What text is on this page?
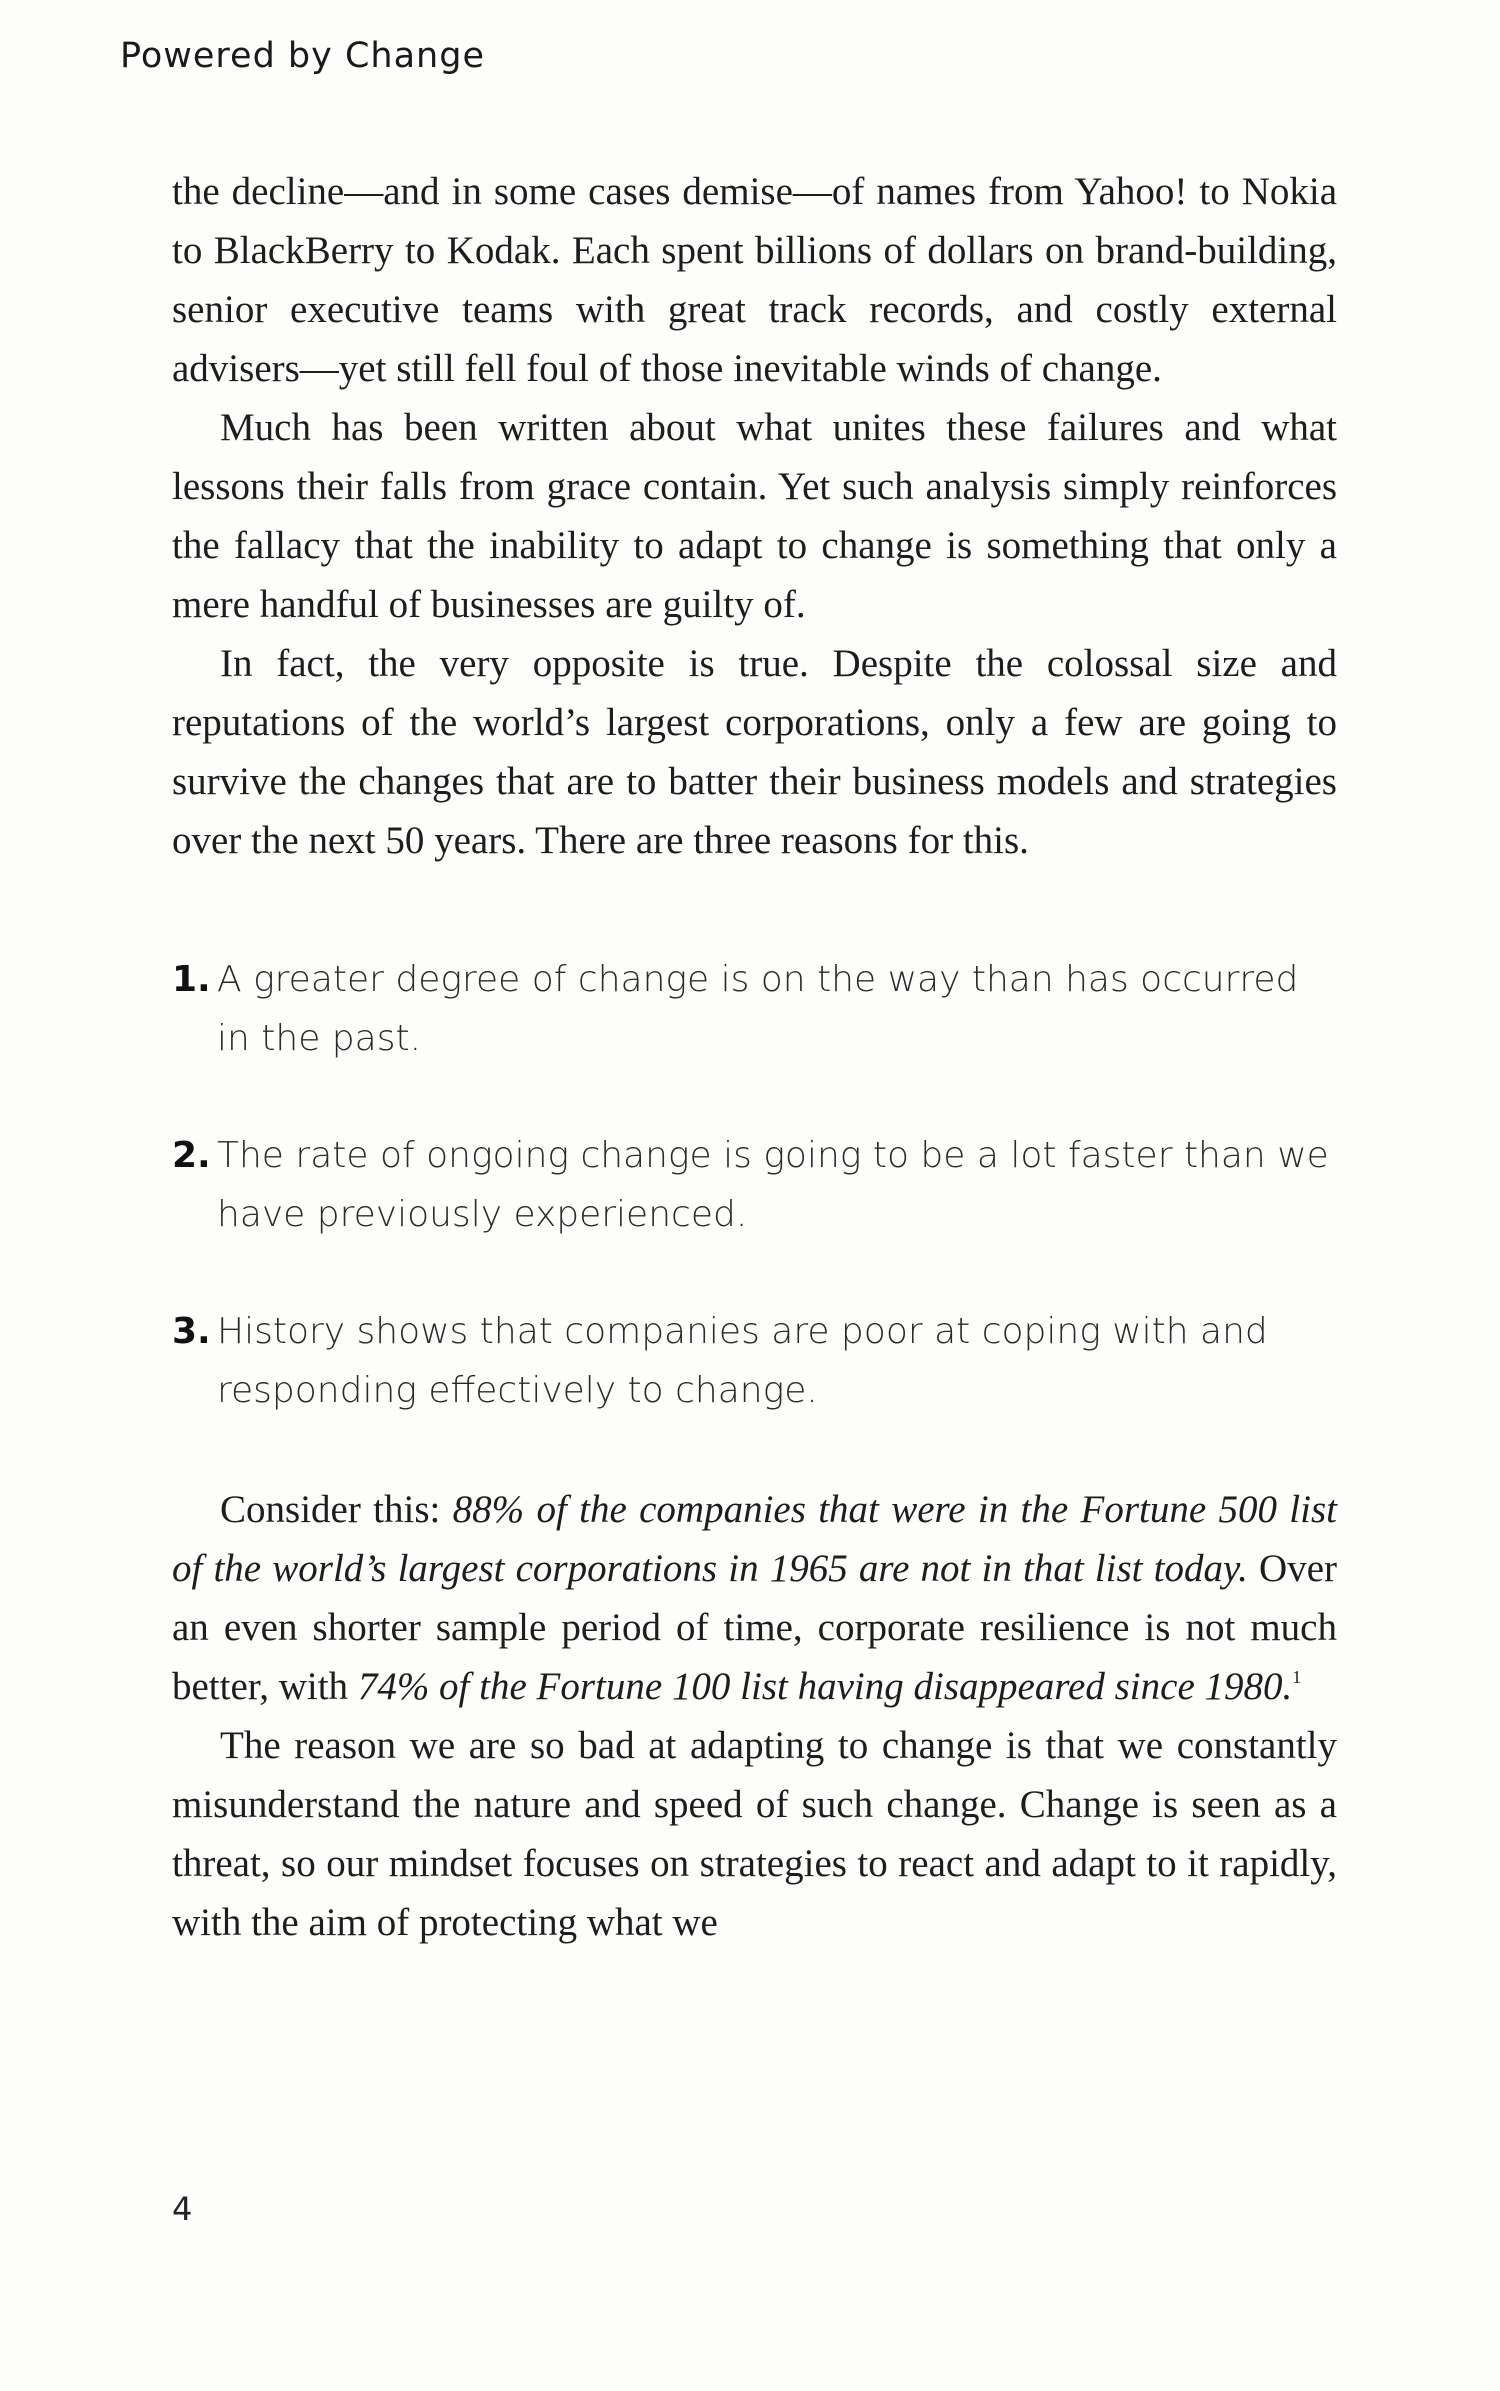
Powered by Change

the decline—and in some cases demise—of names from Yahoo! to Nokia to BlackBerry to Kodak. Each spent billions of dollars on brand-building, senior executive teams with great track records, and costly external advisers—yet still fell foul of those inevitable winds of change.

Much has been written about what unites these failures and what lessons their falls from grace contain. Yet such analysis simply reinforces the fallacy that the inability to adapt to change is something that only a mere handful of businesses are guilty of.

In fact, the very opposite is true. Despite the colossal size and reputations of the world’s largest corporations, only a few are going to survive the changes that are to batter their business models and strategies over the next 50 years. There are three reasons for this.

1. A greater degree of change is on the way than has occurred in the past.
2. The rate of ongoing change is going to be a lot faster than we have previously experienced.
3. History shows that companies are poor at coping with and responding effectively to change.

Consider this: 88% of the companies that were in the Fortune 500 list of the world’s largest corporations in 1965 are not in that list today. Over an even shorter sample period of time, corporate resilience is not much better, with 74% of the Fortune 100 list having disappeared since 1980.$^1$

The reason we are so bad at adapting to change is that we constantly misunderstand the nature and speed of such change. Change is seen as a threat, so our mindset focuses on strategies to react and adapt to it rapidly, with the aim of protecting what we

4
